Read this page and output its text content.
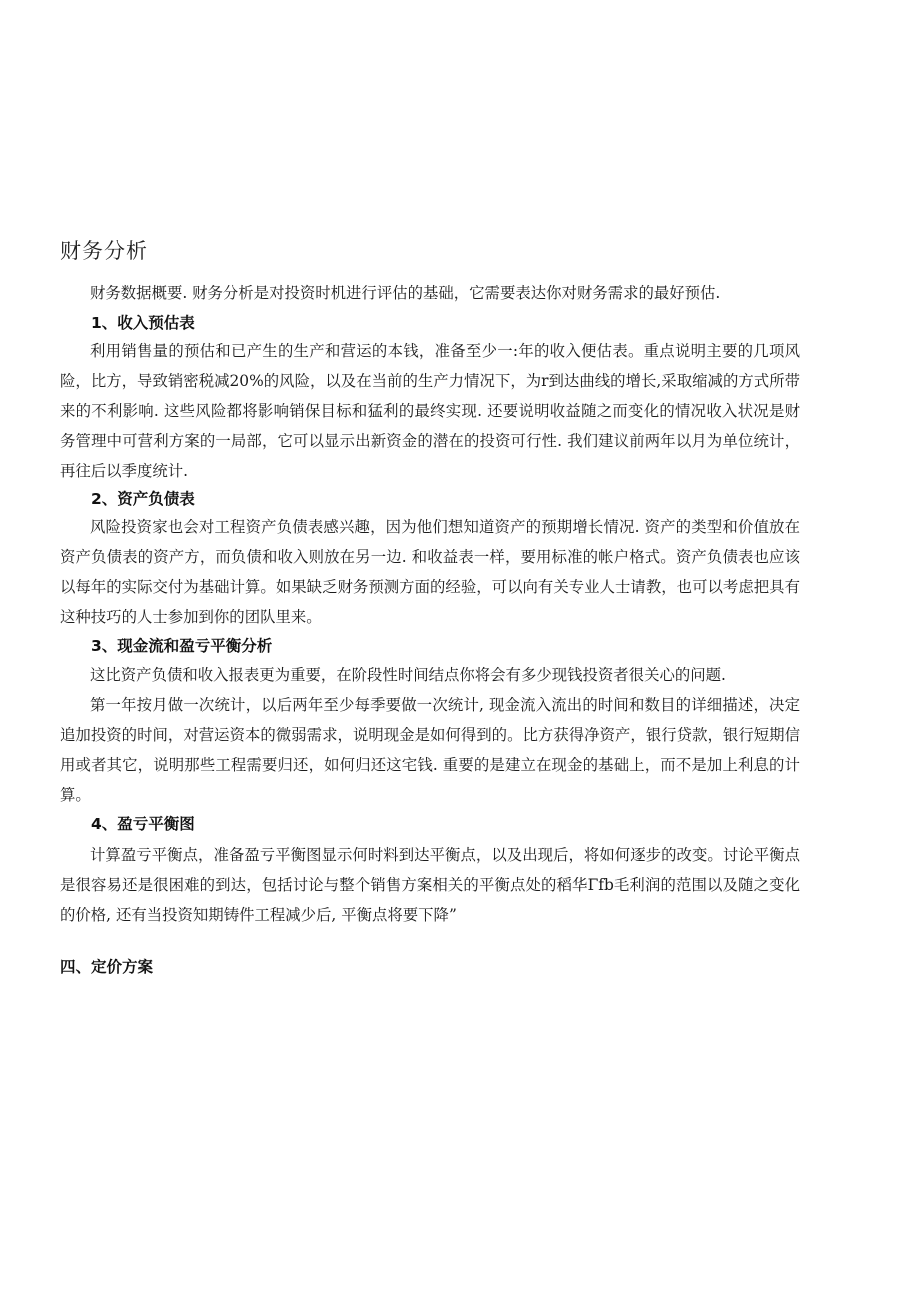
财务分析

财务数据概要. 财务分析是对投资时机进行评估的基础，它需要表达你对财务需求的最好预估.

1、收入预估表

利用销售量的预估和已产生的生产和营运的本钱，准备至少一:年的收入便估表。重点说明主要的几项风险，比方，导致销密税减20%的风险，以及在当前的生产力情况下，为r到达曲线的增长,采取缩减的方式所带来的不利影响. 这些风险都将影响销保目标和猛利的最终实现. 还要说明收益随之而变化的情况收入状况是财务管理中可营利方案的一局部，它可以显示出新资金的潜在的投资可行性. 我们建议前两年以月为单位统计，再往后以季度统计.

2、资产负债表

风险投资家也会对工程资产负债表感兴趣，因为他们想知道资产的预期增长情况. 资产的类型和价值放在资产负债表的资产方，而负债和收入则放在另一边. 和收益表一样，要用标准的帐户格式。资产负债表也应该以每年的实际交付为基础计算。如果缺乏财务预测方面的经验，可以向有关专业人士请教，也可以考虑把具有这种技巧的人士参加到你的团队里来。

3、现金流和盈亏平衡分析

这比资产负债和收入报表更为重要，在阶段性时间结点你将会有多少现钱投资者很关心的问题.

第一年按月做一次统计，以后两年至少每季要做一次统计, 现金流入流出的时间和数目的详细描述，决定追加投资的时间，对营运资本的微弱需求，说明现金是如何得到的。比方获得净资产，银行贷款，银行短期信用或者其它，说明那些工程需要归还，如何归还这宅钱. 重要的是建立在现金的基础上，而不是加上利息的计算。

4、盈亏平衡图

计算盈亏平衡点，准备盈亏平衡图显示何时料到达平衡点，以及出现后，将如何逐步的改变。讨论平衡点是很容易还是很困难的到达，包括讨论与整个销售方案相关的平衡点处的稻华Γfb毛利润的范围以及随之变化的价格, 还有当投资知期铸件工程减少后, 平衡点将要下降”

四、定价方案
